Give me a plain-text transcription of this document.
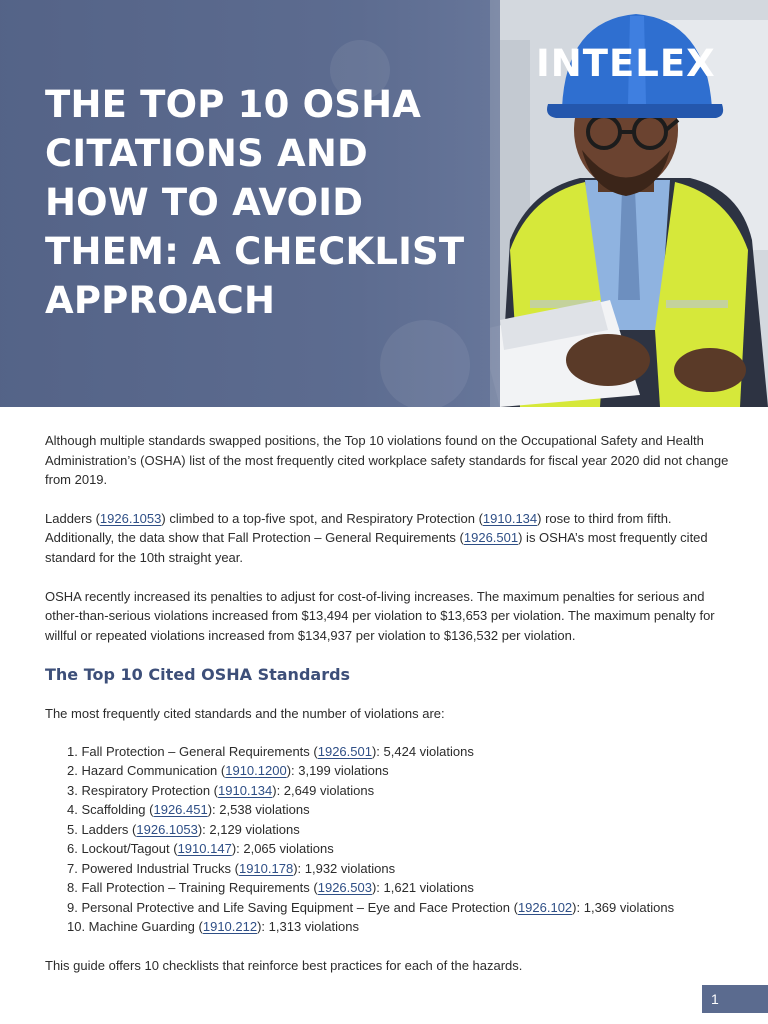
INTELEX
THE TOP 10 OSHA
CITATIONS AND
HOW TO AVOID
THEM: A CHECKLIST
APPROACH

Although multiple standards swapped positions, the Top 10 violations found on the Occupational Safety and Health Administration’s (OSHA) list of the most frequently cited workplace safety standards for fiscal year 2020 did not change from 2019.

Ladders (1926.1053) climbed to a top-five spot, and Respiratory Protection (1910.134) rose to third from fifth. Additionally, the data show that Fall Protection – General Requirements (1926.501) is OSHA’s most frequently cited standard for the 10th straight year.

OSHA recently increased its penalties to adjust for cost-of-living increases. The maximum penalties for serious and other-than-serious violations increased from $13,494 per violation to $13,653 per violation. The maximum penalty for willful or repeated violations increased from $134,937 per violation to $136,532 per violation.

The Top 10 Cited OSHA Standards

The most frequently cited standards and the number of violations are:

1. Fall Protection – General Requirements (1926.501): 5,424 violations
2. Hazard Communication (1910.1200): 3,199 violations
3. Respiratory Protection (1910.134): 2,649 violations
4. Scaffolding (1926.451): 2,538 violations
5. Ladders (1926.1053): 2,129 violations
6. Lockout/Tagout (1910.147): 2,065 violations
7. Powered Industrial Trucks (1910.178): 1,932 violations
8. Fall Protection – Training Requirements (1926.503): 1,621 violations
9. Personal Protective and Life Saving Equipment – Eye and Face Protection (1926.102): 1,369 violations
10. Machine Guarding (1910.212): 1,313 violations

This guide offers 10 checklists that reinforce best practices for each of the hazards.

1
